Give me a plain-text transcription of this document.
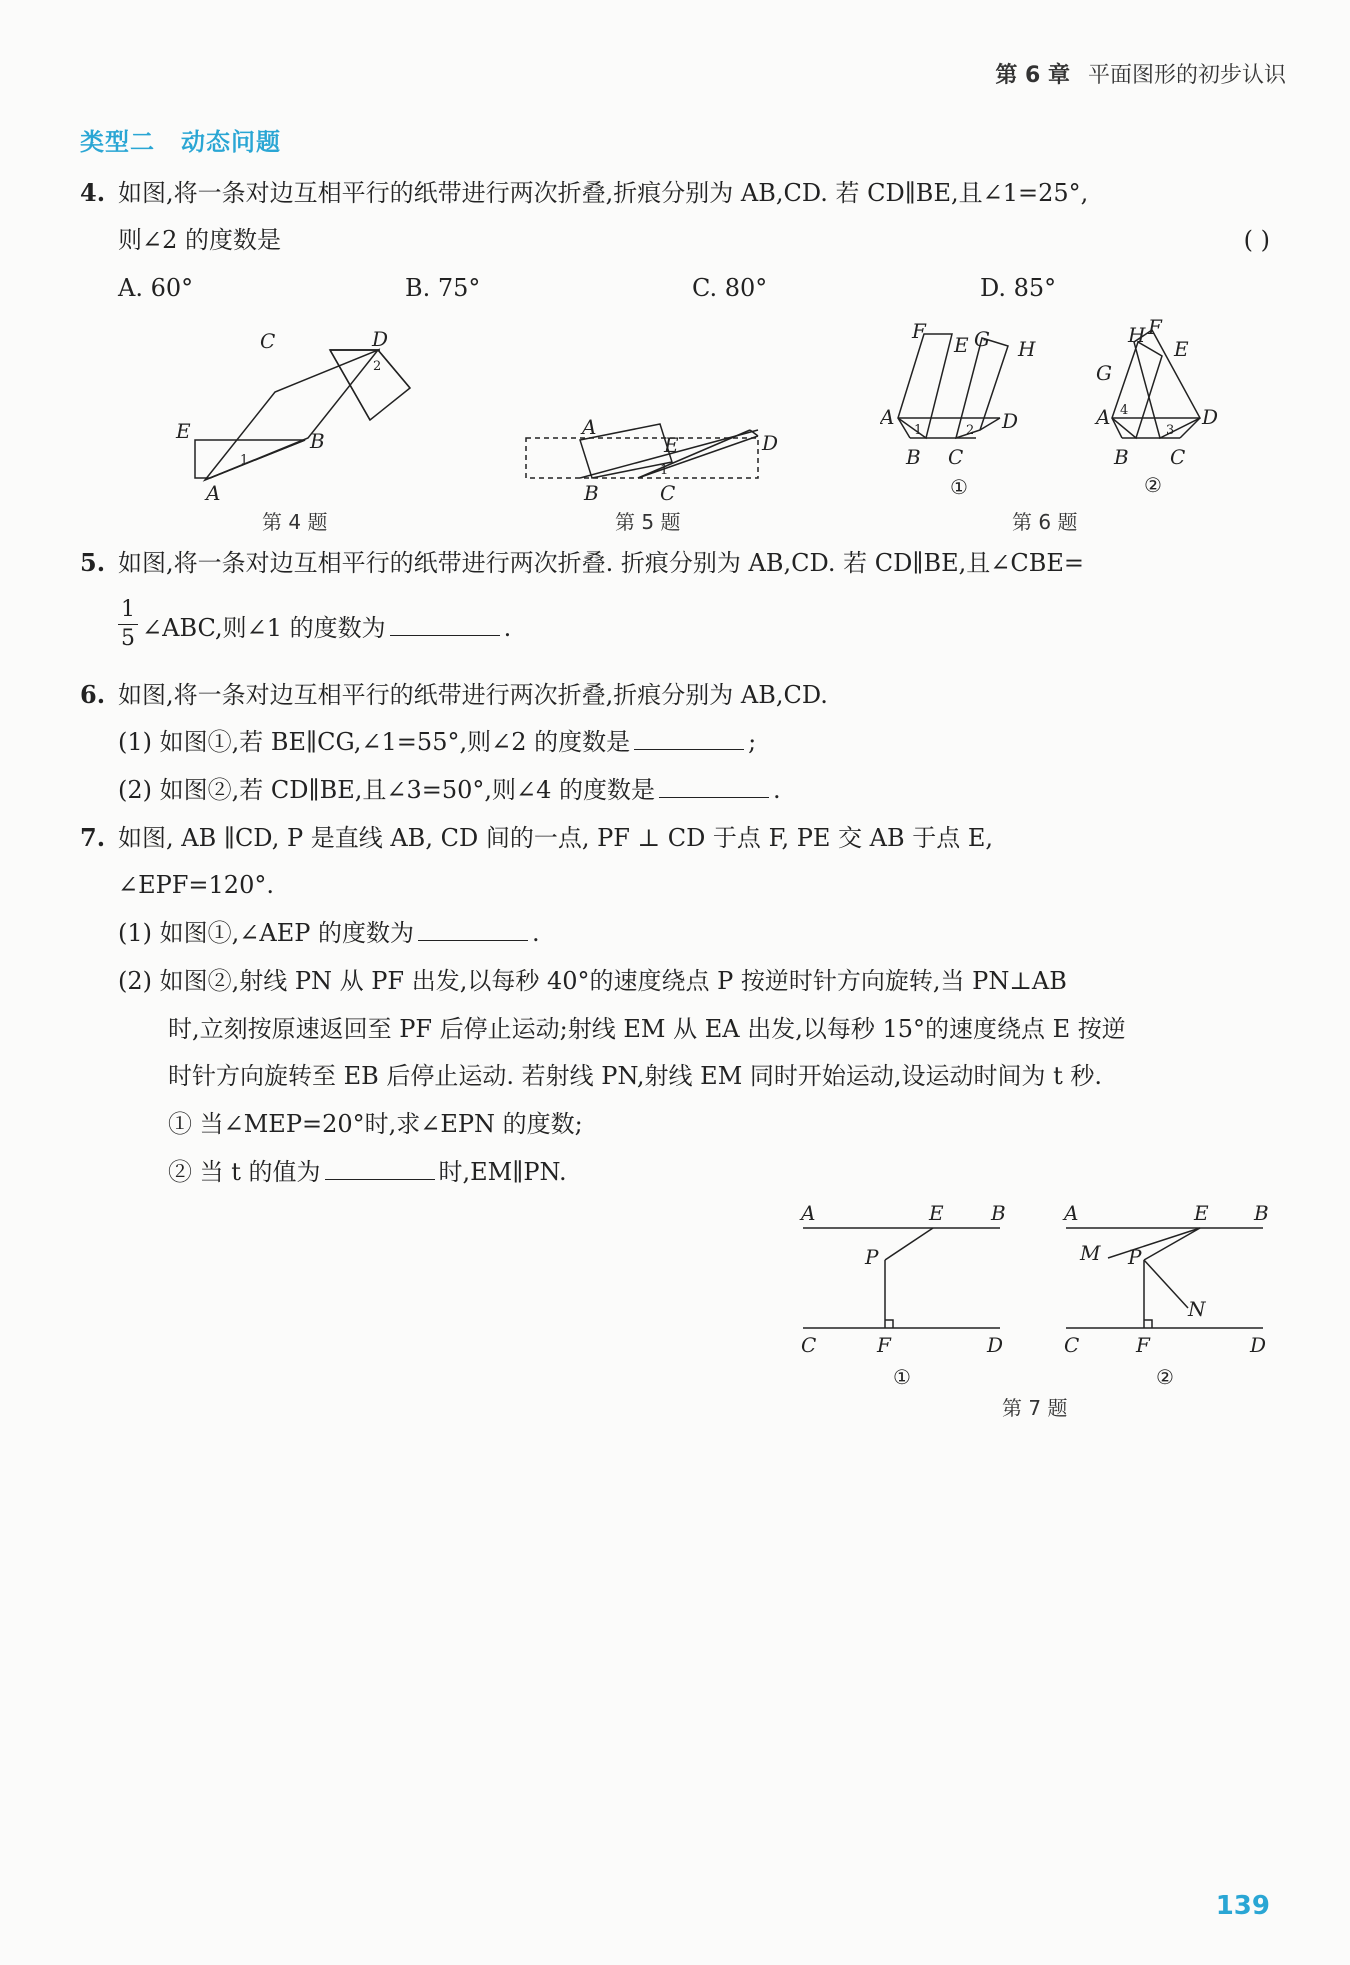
第 6 章 平面图形的初步认识
类型二 动态问题
4. 如图,将一条对边互相平行的纸带进行两次折叠,折痕分别为 AB,CD. 若 CD∥BE,且∠1=25°,
则∠2 的度数是	( )
A. 60°	B. 75°	C. 80°	D. 85°
C	D
E	B
A
1
2
第 4 题
A
E	D
B	C
1
第 5 题
F
E G H
A	D
B C
1	2
①
H F
E
G
A	D
B C
4
3
②
第 6 题
5. 如图,将一条对边互相平行的纸带进行两次折叠. 折痕分别为 AB,CD. 若 CD∥BE,且∠CBE=
1
5 ∠ABC,则∠1 的度数为	.
6. 如图,将一条对边互相平行的纸带进行两次折叠,折痕分别为 AB,CD.
(1) 如图①,若 BE∥CG,∠1=55°,则∠2 的度数是	;
(2) 如图②,若 CD∥BE,且∠3=50°,则∠4 的度数是	.
7. 如图, AB ∥CD, P 是直线 AB, CD 间的一点, PF ⊥ CD 于点 F, PE 交 AB 于点 E,
∠EPF=120°.
(1) 如图①,∠AEP 的度数为	.
(2) 如图②,射线 PN 从 PF 出发,以每秒 40°的速度绕点 P 按逆时针方向旋转,当 PN⊥AB
时,立刻按原速返回至 PF 后停止运动;射线 EM 从 EA 出发,以每秒 15°的速度绕点 E 按逆
时针方向旋转至 EB 后停止运动. 若射线 PN,射线 EM 同时开始运动,设运动时间为 t 秒.
① 当∠MEP=20°时,求∠EPN 的度数;
② 当 t 的值为	时,EM∥PN.
A	E B
P
C	F	D
①
A	E B
M P
N
C	F	D
②
第 7 题
139
